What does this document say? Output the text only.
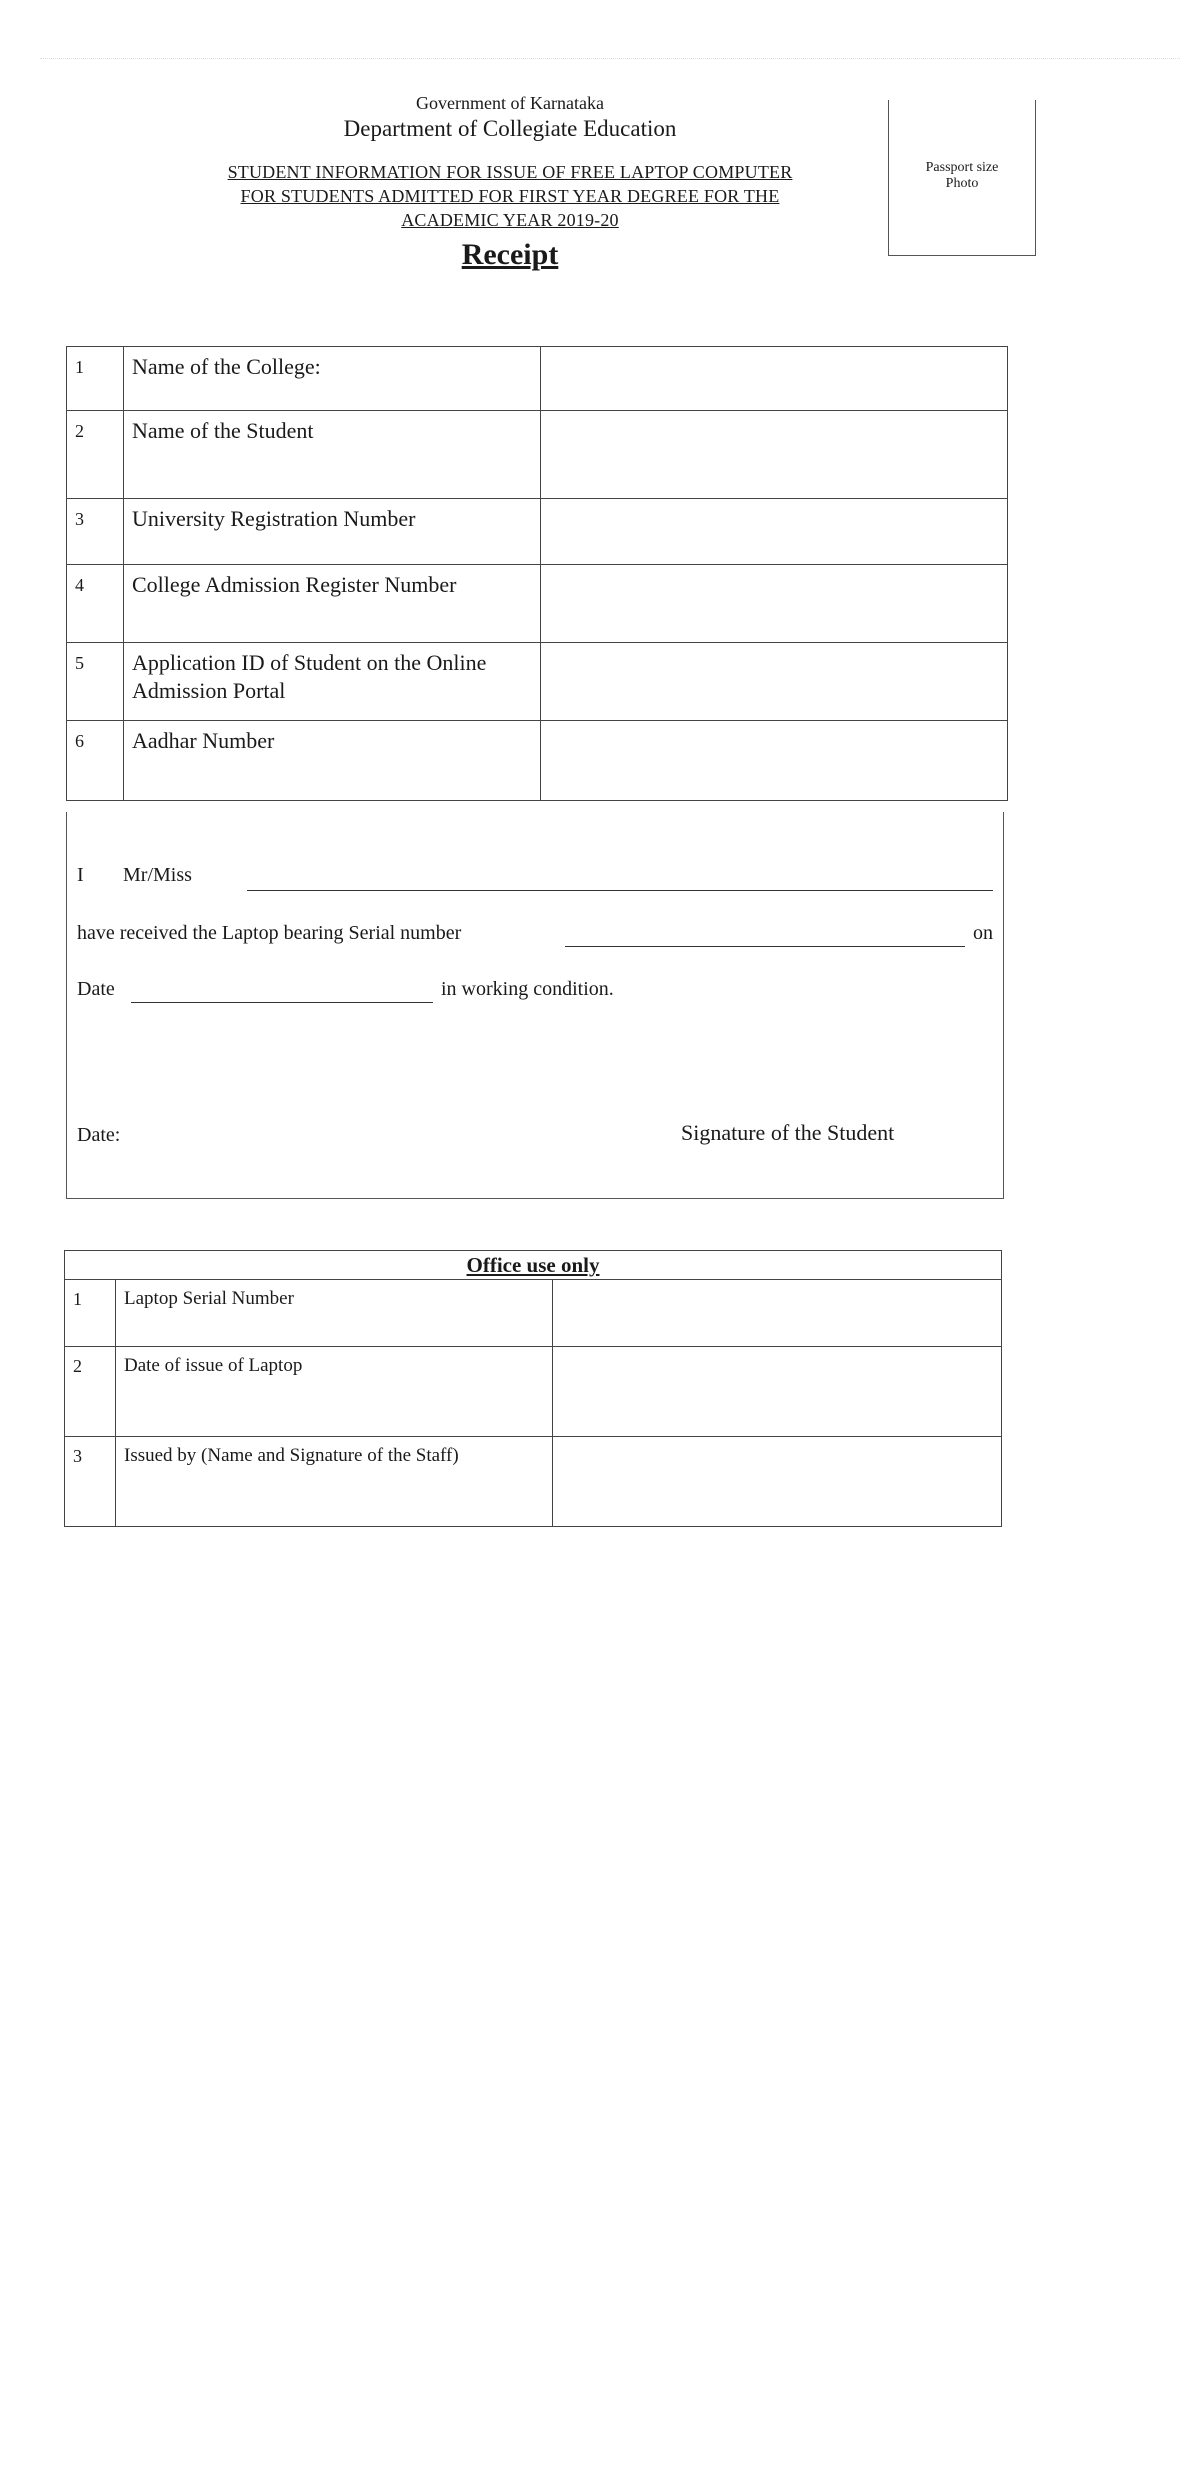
Government of Karnataka
Department of Collegiate Education
STUDENT INFORMATION FOR ISSUE OF FREE LAPTOP COMPUTER
FOR STUDENTS ADMITTED FOR FIRST YEAR DEGREE FOR THE
ACADEMIC YEAR 2019-20
Receipt
Passport size
Photo
1	Name of the College:	
2	Name of the Student	
3	University Registration Number	
4	College Admission Register Number	
5	Application ID of Student on the Online Admission Portal	
6	Aadhar Number	
I Mr/Miss
have received the Laptop bearing Serial number	on
Date	in working condition.
Date:	Signature of the Student
Office use only
1	Laptop Serial Number	
2	Date of issue of Laptop	
3	Issued by (Name and Signature of the Staff)	
